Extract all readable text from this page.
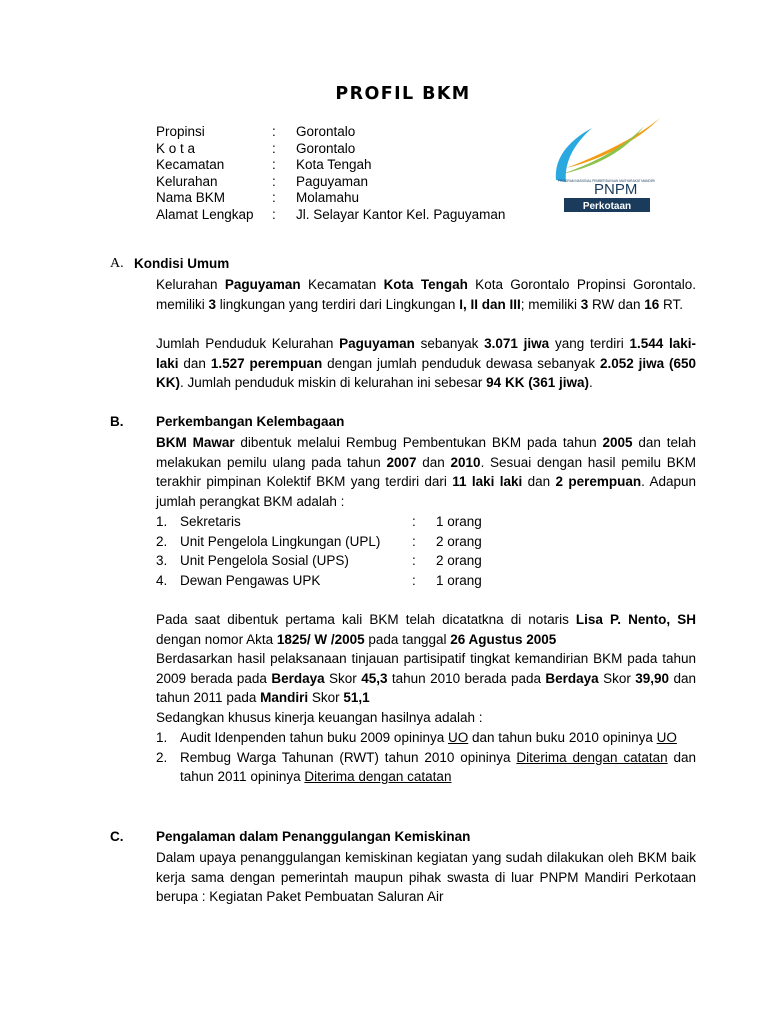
PROFIL BKM
Propinsi	:	Gorontalo
K o t a	:	Gorontalo
Kecamatan	:	Kota Tengah
Kelurahan	:	Paguyaman
Nama BKM	:	Molamahu
Alamat Lengkap	:	Jl. Selayar Kantor Kel. Paguyaman
PROGRAM NASIONAL PEMBERDAYAAN MASYARAKAT MANDIRI
PNPM
Perkotaan
A. Kondisi Umum
Kelurahan Paguyaman Kecamatan Kota Tengah Kota Gorontalo Propinsi Gorontalo. memiliki 3 lingkungan yang terdiri dari Lingkungan I, II dan III; memiliki 3 RW dan 16 RT.
Jumlah Penduduk Kelurahan Paguyaman sebanyak 3.071 jiwa yang terdiri 1.544 laki-laki dan 1.527 perempuan dengan jumlah penduduk dewasa sebanyak 2.052 jiwa (650 KK). Jumlah penduduk miskin di kelurahan ini sebesar 94 KK (361 jiwa).
B. Perkembangan Kelembagaan
BKM Mawar dibentuk melalui Rembug Pembentukan BKM pada tahun 2005 dan telah melakukan pemilu ulang pada tahun 2007 dan 2010. Sesuai dengan hasil pemilu BKM terakhir pimpinan Kolektif BKM yang terdiri dari 11 laki laki dan 2 perempuan. Adapun jumlah perangkat BKM adalah :
1. Sekretaris	:	1 orang
2. Unit Pengelola Lingkungan (UPL)	:	2 orang
3. Unit Pengelola Sosial (UPS)	:	2 orang
4. Dewan Pengawas UPK	:	1 orang
Pada saat dibentuk pertama kali BKM telah dicatatkna di notaris Lisa P. Nento, SH dengan nomor Akta 1825/ W /2005 pada tanggal 26 Agustus 2005
Berdasarkan hasil pelaksanaan tinjauan partisipatif tingkat kemandirian BKM pada tahun 2009 berada pada Berdaya Skor 45,3 tahun 2010 berada pada Berdaya Skor 39,90 dan tahun 2011 pada Mandiri Skor 51,1
Sedangkan khusus kinerja keuangan hasilnya adalah :
1. Audit Idenpenden tahun buku 2009 opininya UO dan tahun buku 2010 opininya UO
2. Rembug Warga Tahunan (RWT) tahun 2010 opininya Diterima dengan catatan dan tahun 2011 opininya Diterima dengan catatan
C. Pengalaman dalam Penanggulangan Kemiskinan
Dalam upaya penanggulangan kemiskinan kegiatan yang sudah dilakukan oleh BKM baik kerja sama dengan pemerintah maupun pihak swasta di luar PNPM Mandiri Perkotaan berupa : Kegiatan Paket Pembuatan Saluran Air
